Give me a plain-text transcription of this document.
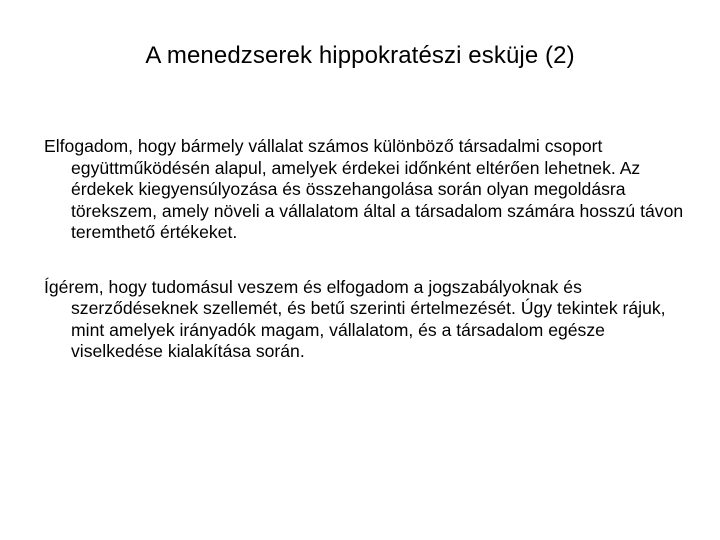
A menedzserek hippokratészi esküje (2)

Elfogadom, hogy bármely vállalat számos különböző társadalmi csoport együttműködésén alapul, amelyek érdekei időnként eltérően lehetnek. Az érdekek kiegyensúlyozása és összehangolása során olyan megoldásra törekszem, amely növeli a vállalatom által a társadalom számára hosszú távon teremthető értékeket.

Ígérem, hogy tudomásul veszem és elfogadom a jogszabályoknak és szerződéseknek szellemét, és betű szerinti értelmezését. Úgy tekintek rájuk, mint amelyek irányadók magam, vállalatom, és a társadalom egésze viselkedése kialakítása során.
